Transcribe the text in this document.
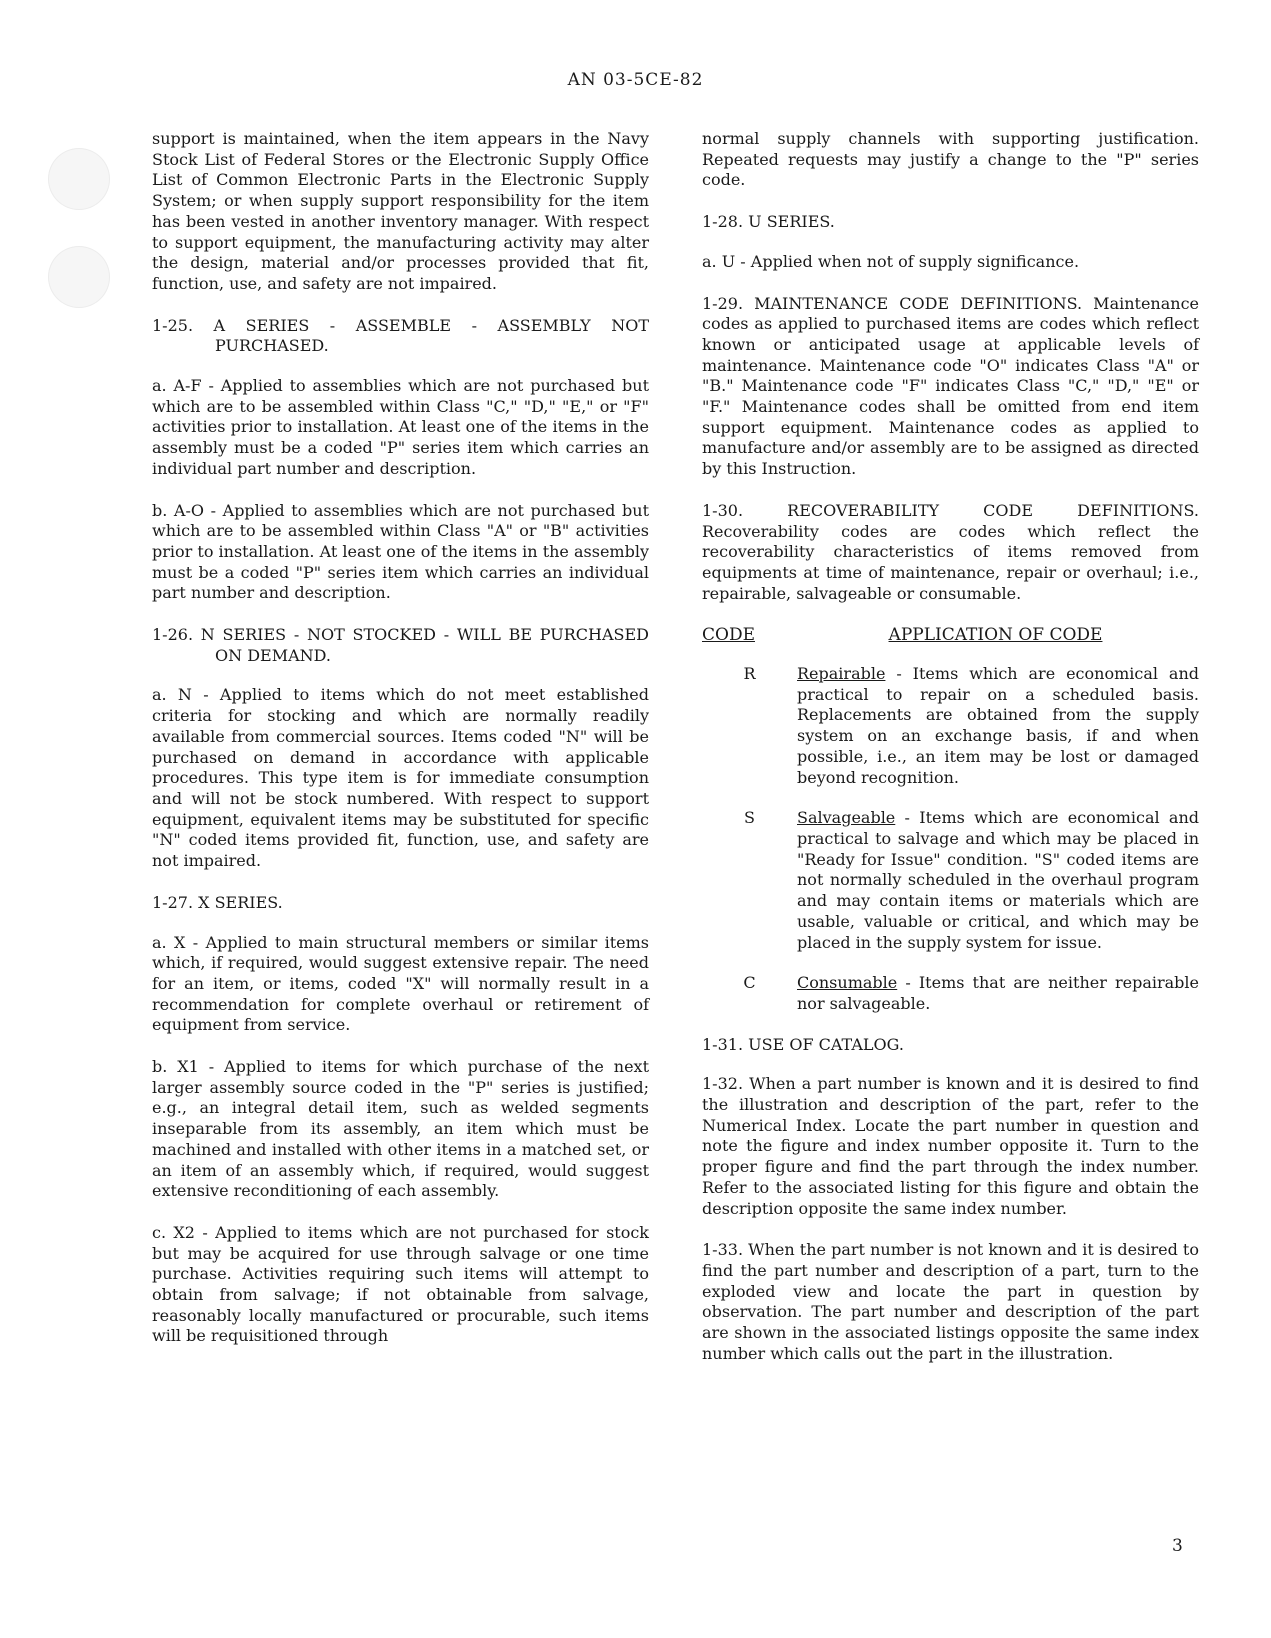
AN 03-5CE-82

support is maintained, when the item appears in the Navy Stock List of Federal Stores or the Electronic Supply Office List of Common Electronic Parts in the Electronic Supply System; or when supply support responsibility for the item has been vested in another inventory manager. With respect to support equipment, the manufacturing activity may alter the design, material and/or processes provided that fit, function, use, and safety are not impaired.

1-25. A SERIES - ASSEMBLE - ASSEMBLY NOT PURCHASED.

a. A-F - Applied to assemblies which are not purchased but which are to be assembled within Class "C," "D," "E," or "F" activities prior to installation. At least one of the items in the assembly must be a coded "P" series item which carries an individual part number and description.

b. A-O - Applied to assemblies which are not purchased but which are to be assembled within Class "A" or "B" activities prior to installation. At least one of the items in the assembly must be a coded "P" series item which carries an individual part number and description.

1-26. N SERIES - NOT STOCKED - WILL BE PURCHASED ON DEMAND.

a. N - Applied to items which do not meet established criteria for stocking and which are normally readily available from commercial sources. Items coded "N" will be purchased on demand in accordance with applicable procedures. This type item is for immediate consumption and will not be stock numbered. With respect to support equipment, equivalent items may be substituted for specific "N" coded items provided fit, function, use, and safety are not impaired.

1-27. X SERIES.

a. X - Applied to main structural members or similar items which, if required, would suggest extensive repair. The need for an item, or items, coded "X" will normally result in a recommendation for complete overhaul or retirement of equipment from service.

b. X1 - Applied to items for which purchase of the next larger assembly source coded in the "P" series is justified; e.g., an integral detail item, such as welded segments inseparable from its assembly, an item which must be machined and installed with other items in a matched set, or an item of an assembly which, if required, would suggest extensive reconditioning of each assembly.

c. X2 - Applied to items which are not purchased for stock but may be acquired for use through salvage or one time purchase. Activities requiring such items will attempt to obtain from salvage; if not obtainable from salvage, reasonably locally manufactured or procurable, such items will be requisitioned through

normal supply channels with supporting justification. Repeated requests may justify a change to the "P" series code.

1-28. U SERIES.

a. U - Applied when not of supply significance.

1-29. MAINTENANCE CODE DEFINITIONS. Maintenance codes as applied to purchased items are codes which reflect known or anticipated usage at applicable levels of maintenance. Maintenance code "O" indicates Class "A" or "B." Maintenance code "F" indicates Class "C," "D," "E" or "F." Maintenance codes shall be omitted from end item support equipment. Maintenance codes as applied to manufacture and/or assembly are to be assigned as directed by this Instruction.

1-30. RECOVERABILITY CODE DEFINITIONS. Recoverability codes are codes which reflect the recoverability characteristics of items removed from equipments at time of maintenance, repair or overhaul; i.e., repairable, salvageable or consumable.

CODE	APPLICATION OF CODE
R	Repairable - Items which are economical and practical to repair on a scheduled basis. Replacements are obtained from the supply system on an exchange basis, if and when possible, i.e., an item may be lost or damaged beyond recognition.
S	Salvageable - Items which are economical and practical to salvage and which may be placed in "Ready for Issue" condition. "S" coded items are not normally scheduled in the overhaul program and may contain items or materials which are usable, valuable or critical, and which may be placed in the supply system for issue.
C	Consumable - Items that are neither repairable nor salvageable.

1-31. USE OF CATALOG.

1-32. When a part number is known and it is desired to find the illustration and description of the part, refer to the Numerical Index. Locate the part number in question and note the figure and index number opposite it. Turn to the proper figure and find the part through the index number. Refer to the associated listing for this figure and obtain the description opposite the same index number.

1-33. When the part number is not known and it is desired to find the part number and description of a part, turn to the exploded view and locate the part in question by observation. The part number and description of the part are shown in the associated listings opposite the same index number which calls out the part in the illustration.

3
